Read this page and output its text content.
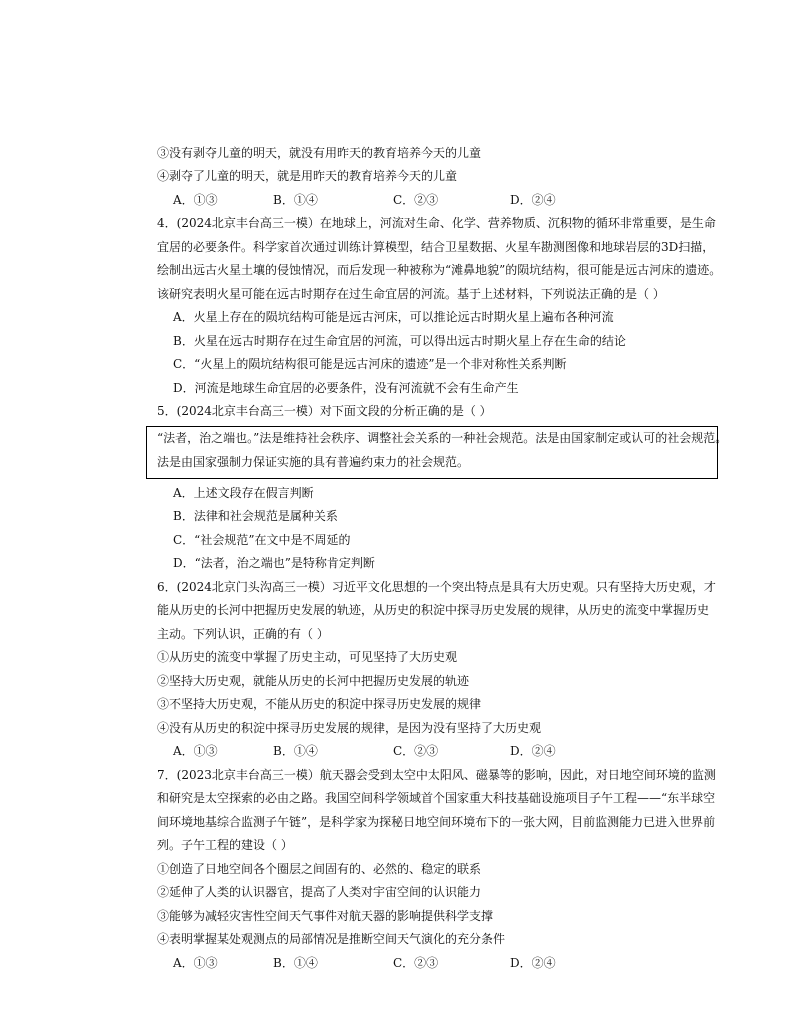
③没有剥夺儿童的明天，就没有用昨天的教育培养今天的儿童
④剥夺了儿童的明天，就是用昨天的教育培养今天的儿童
A．①③	B．①④	C．②③	D．②④
4．(2024北京丰台高三一模）在地球上，河流对生命、化学、营养物质、沉积物的循环非常重要，是生命
宜居的必要条件。科学家首次通过训练计算模型，结合卫星数据、火星车勘测图像和地球岩层的3D扫描，
绘制出远古火星土壤的侵蚀情况，而后发现一种被称为“滩鼻地貌”的陨坑结构，很可能是远古河床的遗迹。
该研究表明火星可能在远古时期存在过生命宜居的河流。基于上述材料，下列说法正确的是（ ）
A．火星上存在的陨坑结构可能是远古河床，可以推论远古时期火星上遍布各种河流
B．火星在远古时期存在过生命宜居的河流，可以得出远古时期火星上存在生命的结论
C．“火星上的陨坑结构很可能是远古河床的遗迹”是一个非对称性关系判断
D．河流是地球生命宜居的必要条件，没有河流就不会有生命产生
5．(2024北京丰台高三一模）对下面文段的分析正确的是（ ）
“法者，治之端也。”法是维持社会秩序、调整社会关系的一种社会规范。法是由国家制定或认可的社会规范。
法是由国家强制力保证实施的具有普遍约束力的社会规范。
A．上述文段存在假言判断
B．法律和社会规范是属种关系
C．“社会规范”在文中是不周延的
D．“法者，治之端也”是特称肯定判断
6．(2024北京门头沟高三一模）习近平文化思想的一个突出特点是具有大历史观。只有坚持大历史观，才
能从历史的长河中把握历史发展的轨迹，从历史的积淀中探寻历史发展的规律，从历史的流变中掌握历史
主动。下列认识，正确的有（ ）
①从历史的流变中掌握了历史主动，可见坚持了大历史观
②坚持大历史观，就能从历史的长河中把握历史发展的轨迹
③不坚持大历史观，不能从历史的积淀中探寻历史发展的规律
④没有从历史的积淀中探寻历史发展的规律，是因为没有坚持了大历史观
A．①③	B．①④	C．②③	D．②④
7．(2023北京丰台高三一模）航天器会受到太空中太阳风、磁暴等的影响，因此，对日地空间环境的监测
和研究是太空探索的必由之路。我国空间科学领域首个国家重大科技基础设施项目子午工程——“东半球空
间环境地基综合监测子午链”，是科学家为探秘日地空间环境布下的一张大网，目前监测能力已进入世界前
列。子午工程的建设（ ）
①创造了日地空间各个圈层之间固有的、必然的、稳定的联系
②延伸了人类的认识器官，提高了人类对宇宙空间的认识能力
③能够为减轻灾害性空间天气事件对航天器的影响提供科学支撑
④表明掌握某处观测点的局部情况是推断空间天气演化的充分条件
A．①③	B．①④	C．②③	D．②④
